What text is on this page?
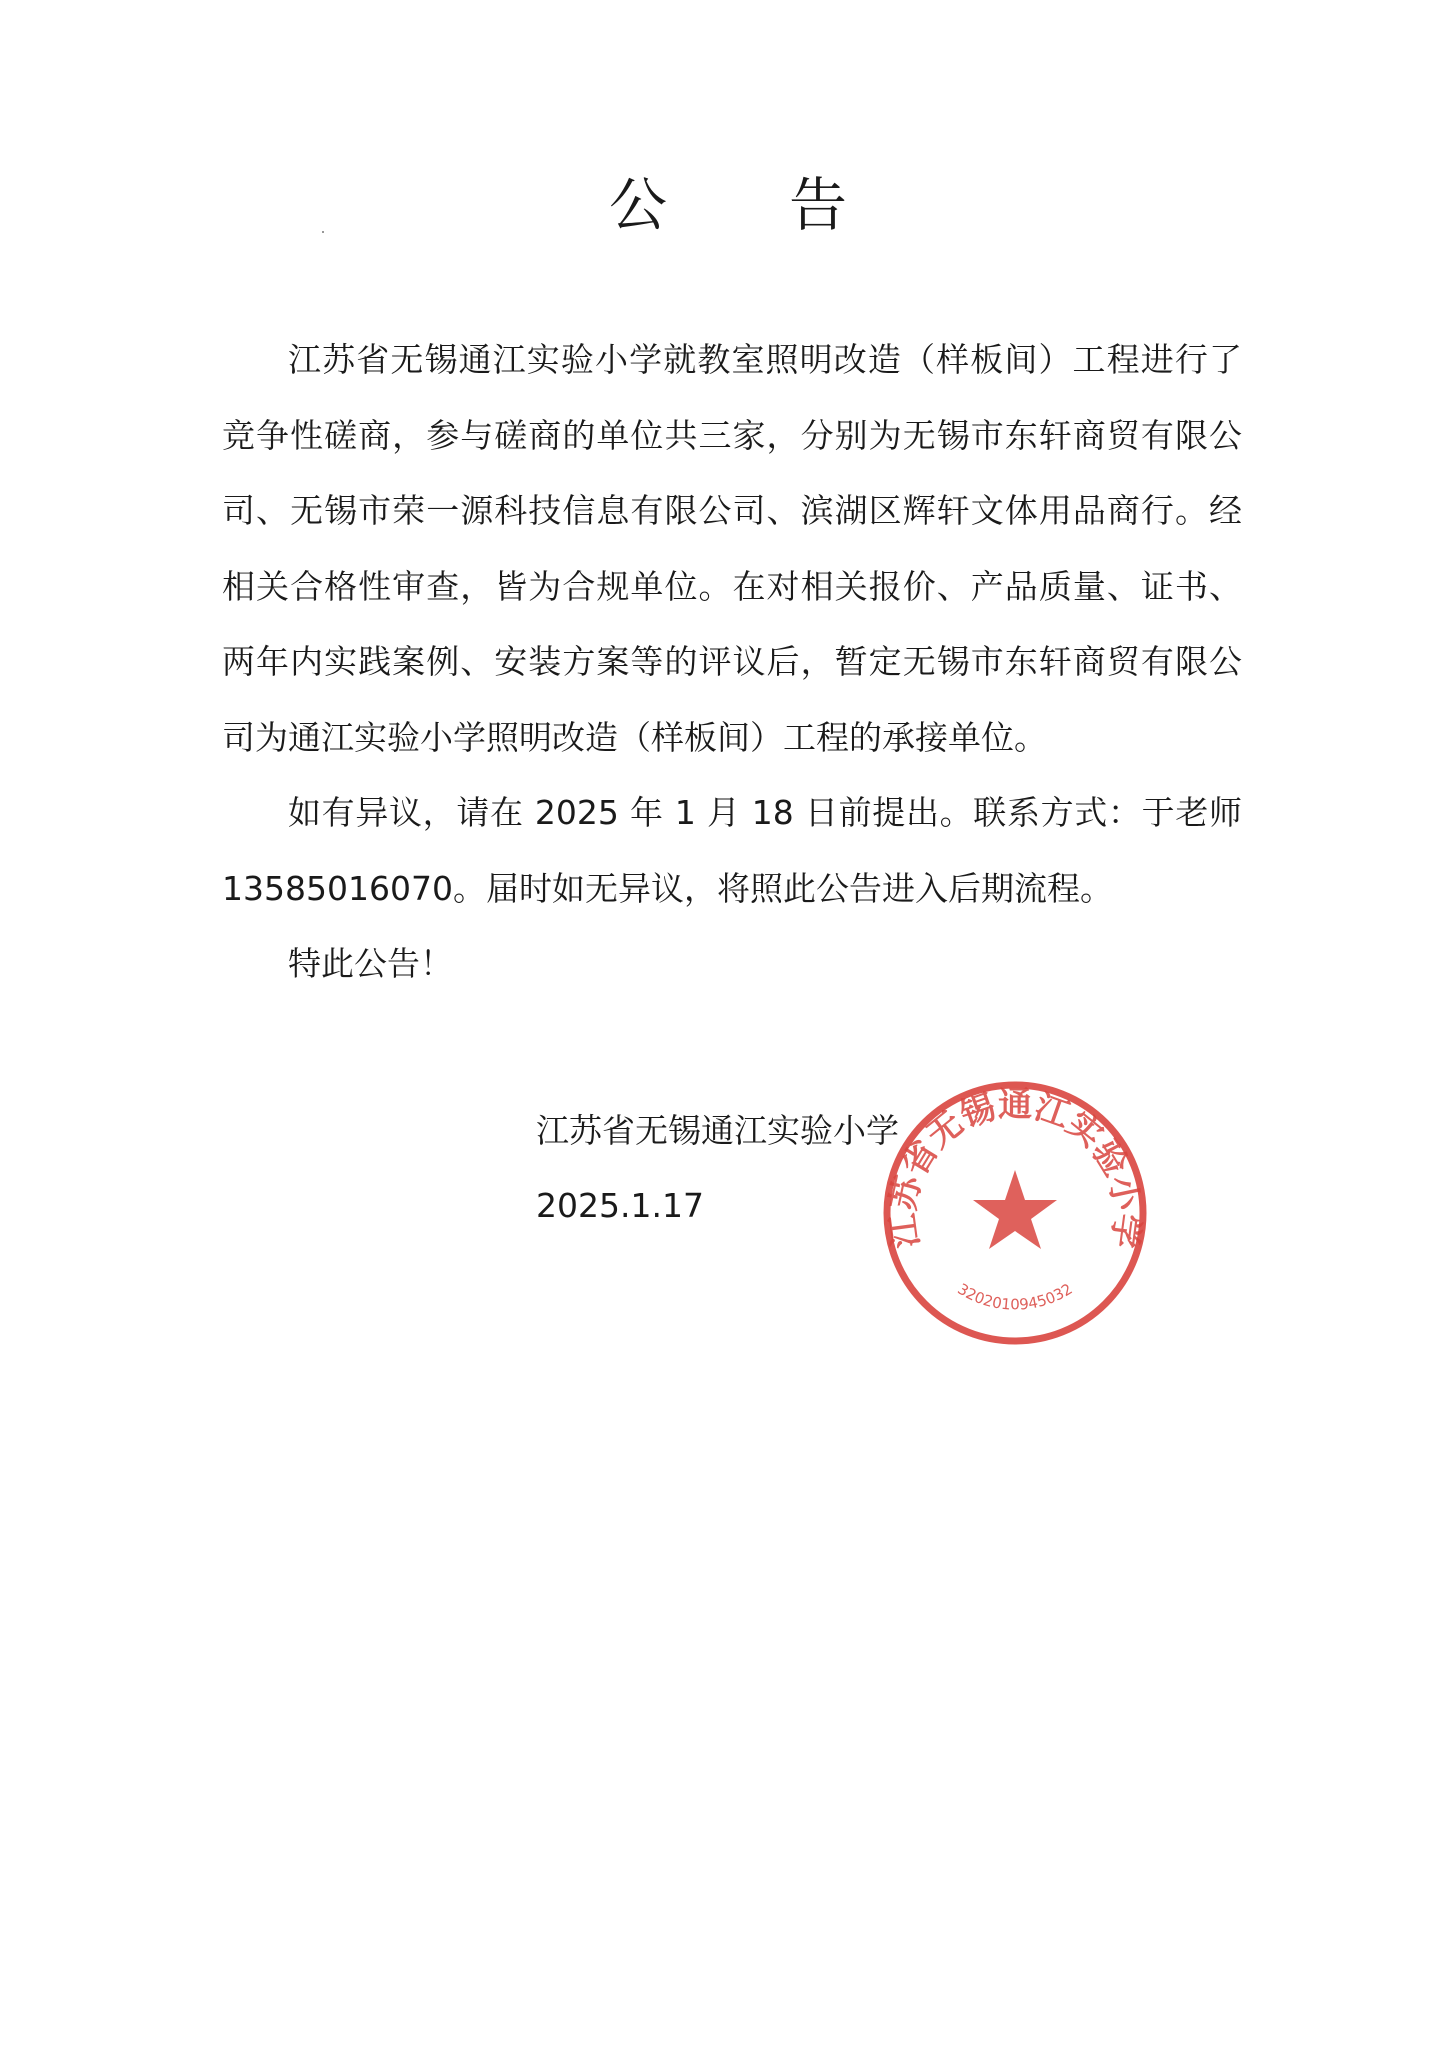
公 告

江苏省无锡通江实验小学就教室照明改造（样板间）工程进行了竞争性磋商，参与磋商的单位共三家，分别为无锡市东轩商贸有限公司、无锡市荣一源科技信息有限公司、滨湖区辉轩文体用品商行。经相关合格性审查，皆为合规单位。在对相关报价、产品质量、证书、两年内实践案例、安装方案等的评议后，暂定无锡市东轩商贸有限公司为通江实验小学照明改造（样板间）工程的承接单位。

如有异议，请在 2025 年 1 月 18 日前提出。联系方式：于老师 13585016070。届时如无异议，将照此公告进入后期流程。

特此公告！

江苏省无锡通江实验小学
2025.1.17
江苏省无锡通江实验小学
3202010945032
